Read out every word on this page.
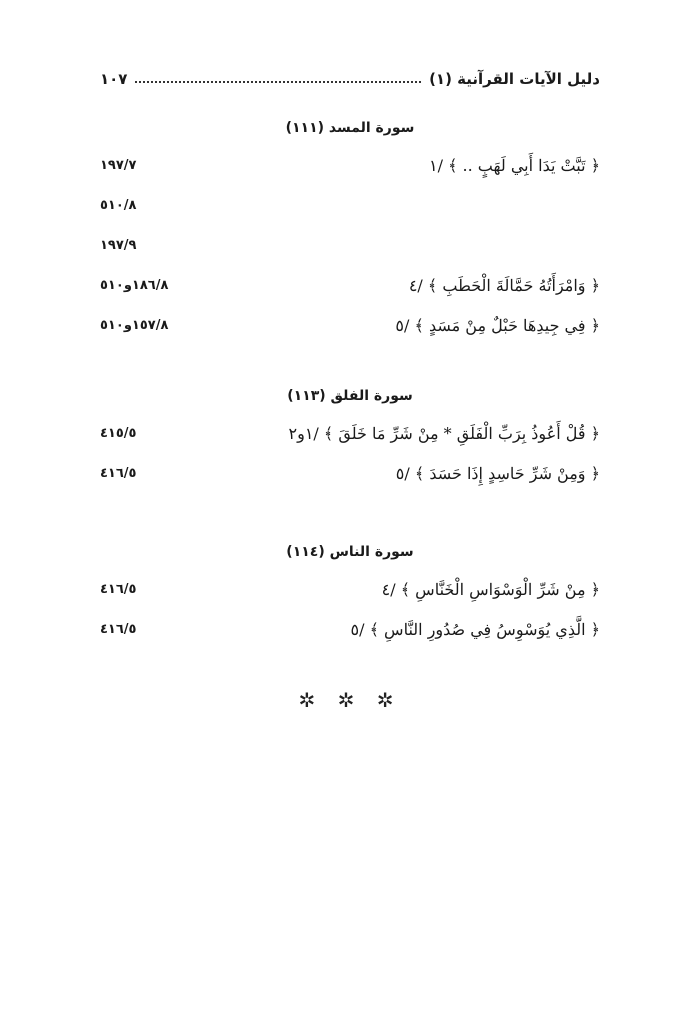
دليل الآيات القرآنية (١)
١٠٧
سورة المسد (١١١)
﴿ تَبَّتْ يَدَا أَبِي لَهَبٍ .. ﴾ /١
١٩٧/٧
٥١٠/٨
١٩٧/٩
﴿ وَامْرَأَتُهُ حَمَّالَةَ الْحَطَبِ ﴾ /٤
١٨٦/٨و٥١٠
﴿ فِي جِيدِهَا حَبْلٌ مِنْ مَسَدٍ ﴾ /٥
١٥٧/٨و٥١٠
سورة الفلق (١١٣)
﴿ قُلْ أَعُوذُ بِرَبِّ الْفَلَقِ * مِنْ شَرِّ مَا خَلَقَ ﴾ /١و٢
٤١٥/٥
﴿ وَمِنْ شَرِّ حَاسِدٍ إِذَا حَسَدَ ﴾ /٥
٤١٦/٥
سورة الناس (١١٤)
﴿ مِنْ شَرِّ الْوَسْوَاسِ الْخَنَّاسِ ﴾ /٤
٤١٦/٥
﴿ الَّذِي يُوَسْوِسُ فِي صُدُورِ النَّاسِ ﴾ /٥
٤١٦/٥
✲ ✲ ✲
